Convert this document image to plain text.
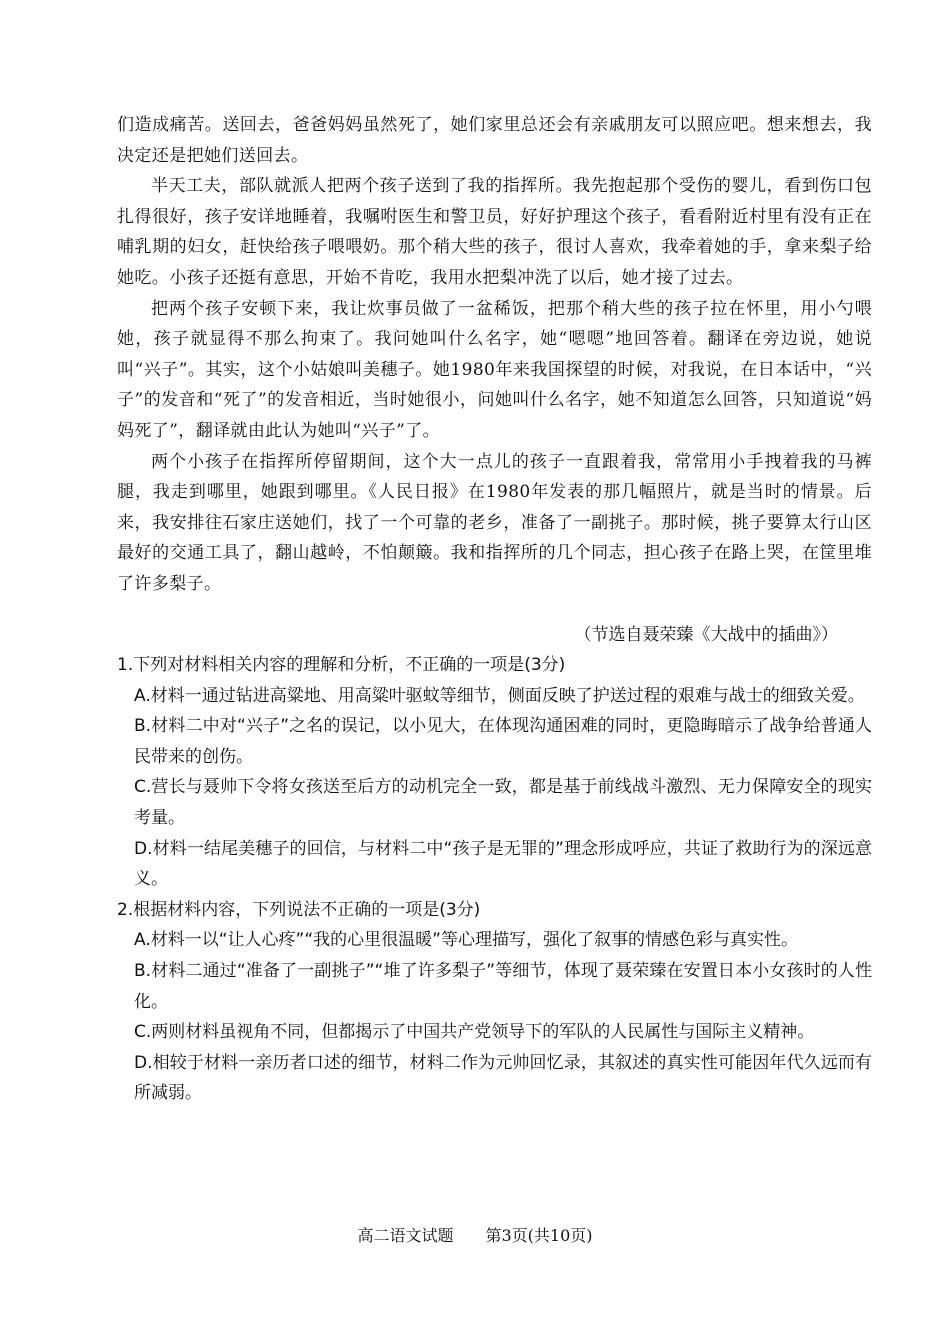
们造成痛苦。送回去，爸爸妈妈虽然死了，她们家里总还会有亲戚朋友可以照应吧。想来想去，我决定还是把她们送回去。

半天工夫，部队就派人把两个孩子送到了我的指挥所。我先抱起那个受伤的婴儿，看到伤口包扎得很好，孩子安详地睡着，我嘱咐医生和警卫员，好好护理这个孩子，看看附近村里有没有正在哺乳期的妇女，赶快给孩子喂喂奶。那个稍大些的孩子，很讨人喜欢，我牵着她的手，拿来梨子给她吃。小孩子还挺有意思，开始不肯吃，我用水把梨冲洗了以后，她才接了过去。

把两个孩子安顿下来，我让炊事员做了一盆稀饭，把那个稍大些的孩子拉在怀里，用小勺喂她，孩子就显得不那么拘束了。我问她叫什么名字，她“嗯嗯”地回答着。翻译在旁边说，她说叫“兴子”。其实，这个小姑娘叫美穗子。她1980年来我国探望的时候，对我说，在日本话中，“兴子”的发音和“死了”的发音相近，当时她很小，问她叫什么名字，她不知道怎么回答，只知道说“妈妈死了”，翻译就由此认为她叫“兴子”了。

两个小孩子在指挥所停留期间，这个大一点儿的孩子一直跟着我，常常用小手拽着我的马裤腿，我走到哪里，她跟到哪里。《人民日报》在1980年发表的那几幅照片，就是当时的情景。后来，我安排往石家庄送她们，找了一个可靠的老乡，准备了一副挑子。那时候，挑子要算太行山区最好的交通工具了，翻山越岭，不怕颠簸。我和指挥所的几个同志，担心孩子在路上哭，在筐里堆了许多梨子。

（节选自聂荣臻《大战中的插曲》）

1.下列对材料相关内容的理解和分析，不正确的一项是(3分)

A.材料一通过钻进高粱地、用高粱叶驱蚊等细节，侧面反映了护送过程的艰难与战士的细致关爱。

B.材料二中对“兴子”之名的误记，以小见大，在体现沟通困难的同时，更隐晦暗示了战争给普通人民带来的创伤。

C.营长与聂帅下令将女孩送至后方的动机完全一致，都是基于前线战斗激烈、无力保障安全的现实考量。

D.材料一结尾美穗子的回信，与材料二中“孩子是无罪的”理念形成呼应，共证了救助行为的深远意义。

2.根据材料内容，下列说法不正确的一项是(3分)

A.材料一以“让人心疼”“我的心里很温暖”等心理描写，强化了叙事的情感色彩与真实性。

B.材料二通过“准备了一副挑子”“堆了许多梨子”等细节，体现了聂荣臻在安置日本小女孩时的人性化。

C.两则材料虽视角不同，但都揭示了中国共产党领导下的军队的人民属性与国际主义精神。

D.相较于材料一亲历者口述的细节，材料二作为元帅回忆录，其叙述的真实性可能因年代久远而有所减弱。

高二语文试题 第3页(共10页)
